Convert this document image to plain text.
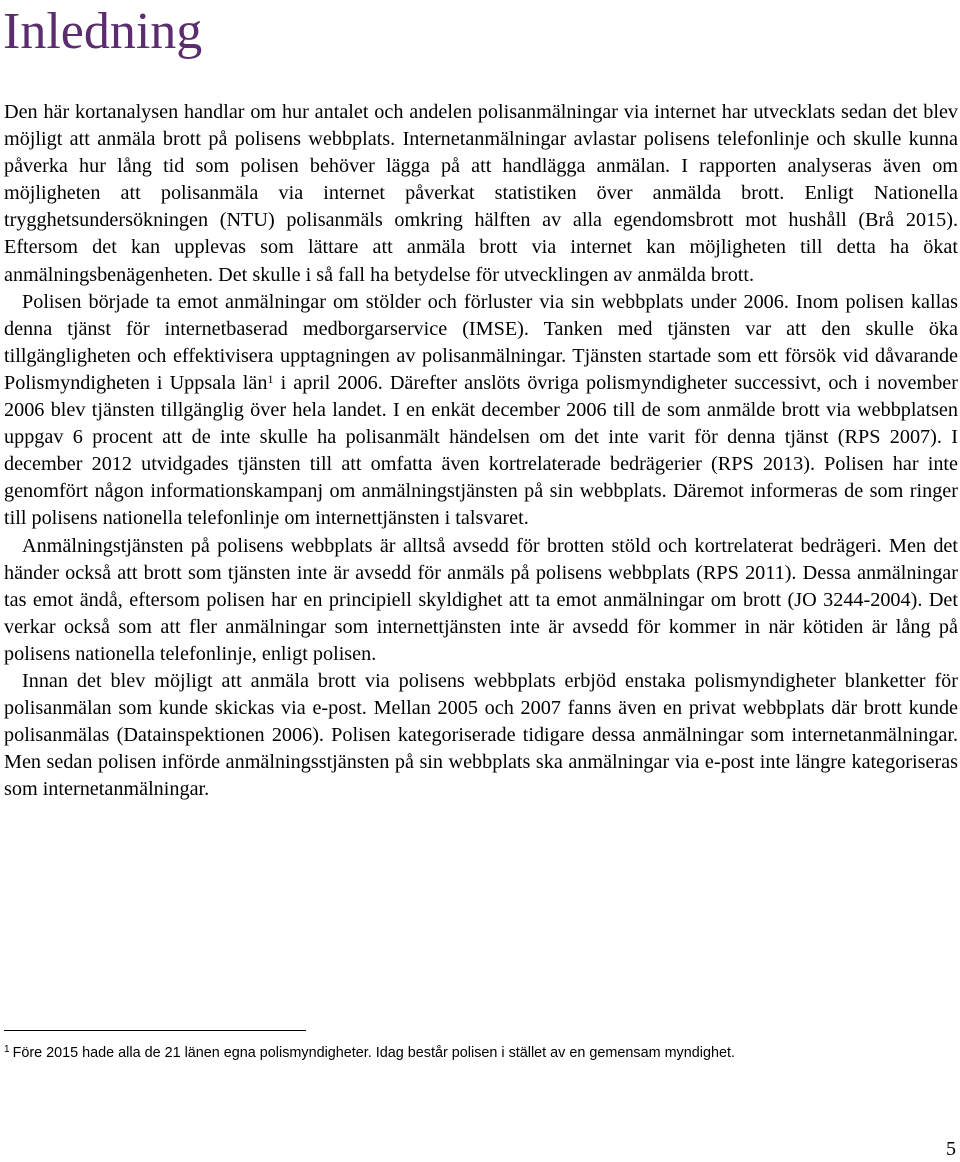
Inledning

Den här kortanalysen handlar om hur antalet och andelen polisanmälningar via internet har utvecklats sedan det blev möjligt att anmäla brott på polisens webbplats. Internetanmälningar avlastar polisens telefonlinje och skulle kunna påverka hur lång tid som polisen behöver lägga på att handlägga anmälan. I rapporten analyseras även om möjligheten att polisanmäla via internet påverkat statistiken över anmälda brott. Enligt Nationella trygghetsundersökningen (NTU) polisanmäls omkring hälften av alla egendomsbrott mot hushåll (Brå 2015). Eftersom det kan upplevas som lättare att anmäla brott via internet kan möjligheten till detta ha ökat anmälningsbenägenheten. Det skulle i så fall ha betydelse för utvecklingen av anmälda brott.

Polisen började ta emot anmälningar om stölder och förluster via sin webbplats under 2006. Inom polisen kallas denna tjänst för internetbaserad medborgarservice (IMSE). Tanken med tjänsten var att den skulle öka tillgängligheten och effektivisera upptagningen av polisanmälningar. Tjänsten startade som ett försök vid dåvarande Polismyndigheten i Uppsala län$^1$ i april 2006. Därefter anslöts övriga polismyndigheter successivt, och i november 2006 blev tjänsten tillgänglig över hela landet. I en enkät december 2006 till de som anmälde brott via webbplatsen uppgav 6 procent att de inte skulle ha polisanmält händelsen om det inte varit för denna tjänst (RPS 2007). I december 2012 utvidgades tjänsten till att omfatta även kortrelaterade bedrägerier (RPS 2013). Polisen har inte genomfört någon informationskampanj om anmälningstjänsten på sin webbplats. Däremot informeras de som ringer till polisens nationella telefonlinje om internettjänsten i talsvaret.

Anmälningstjänsten på polisens webbplats är alltså avsedd för brotten stöld och kortrelaterat bedrägeri. Men det händer också att brott som tjänsten inte är avsedd för anmäls på polisens webbplats (RPS 2011). Dessa anmälningar tas emot ändå, eftersom polisen har en principiell skyldighet att ta emot anmälningar om brott (JO 3244-2004). Det verkar också som att fler anmälningar som internettjänsten inte är avsedd för kommer in när kötiden är lång på polisens nationella telefonlinje, enligt polisen.

Innan det blev möjligt att anmäla brott via polisens webbplats erbjöd enstaka polismyndigheter blanketter för polisanmälan som kunde skickas via e-post. Mellan 2005 och 2007 fanns även en privat webbplats där brott kunde polisanmälas (Datainspektionen 2006). Polisen kategoriserade tidigare dessa anmälningar som internetanmälningar. Men sedan polisen införde anmälningsstjänsten på sin webbplats ska anmälningar via e-post inte längre kategoriseras som internetanmälningar.

$^1$ Före 2015 hade alla de 21 länen egna polismyndigheter. Idag består polisen i stället av en gemensam myndighet.
5
